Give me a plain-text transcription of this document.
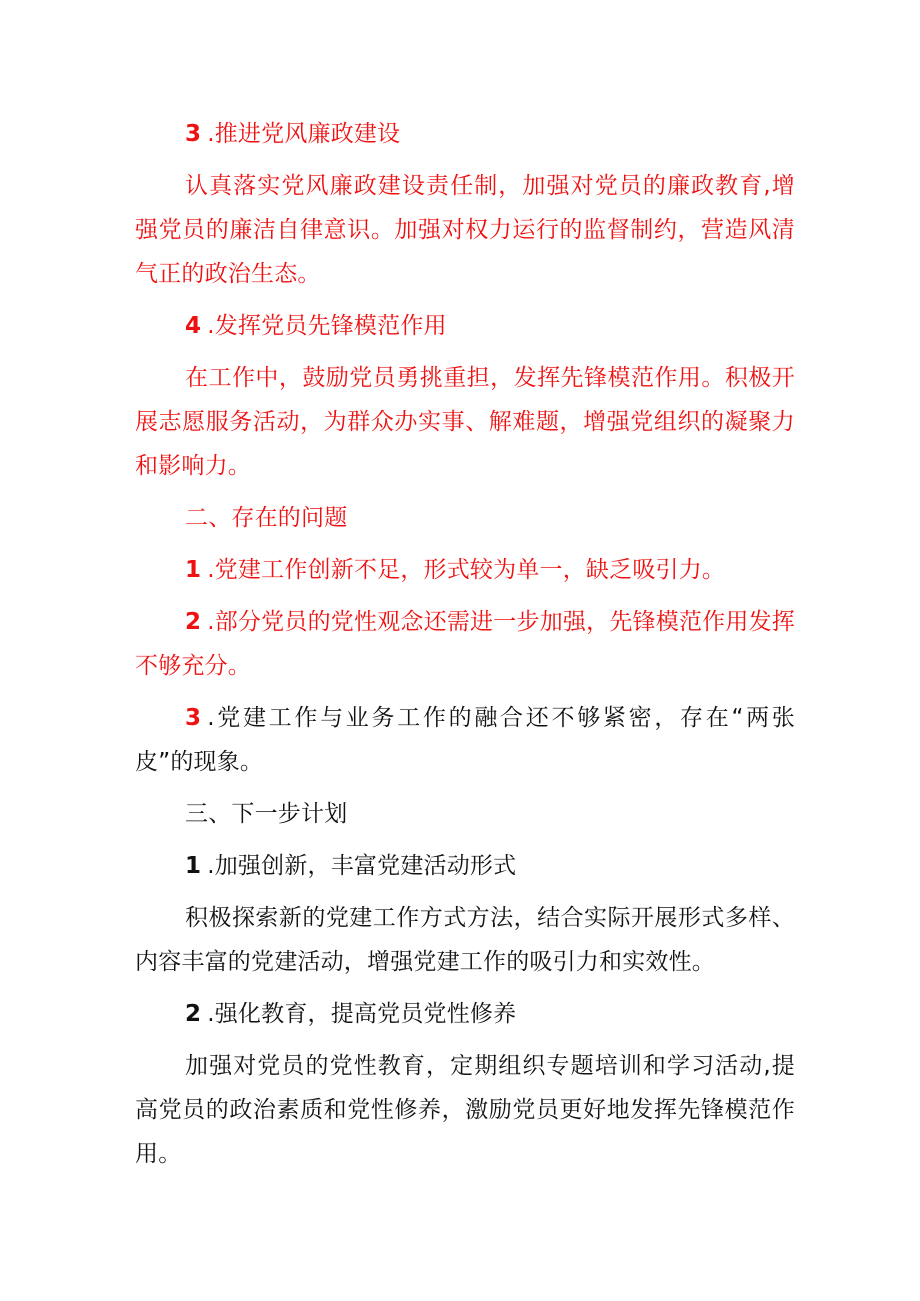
3 .推进党风廉政建设

认真落实党风廉政建设责任制，加强对党员的廉政教育,增强党员的廉洁自律意识。加强对权力运行的监督制约，营造风清气正的政治生态。

4 .发挥党员先锋模范作用

在工作中，鼓励党员勇挑重担，发挥先锋模范作用。积极开展志愿服务活动，为群众办实事、解难题，增强党组织的凝聚力和影响力。

二、存在的问题

1 .党建工作创新不足，形式较为单一，缺乏吸引力。

2 .部分党员的党性观念还需进一步加强，先锋模范作用发挥不够充分。

3 .党建工作与业务工作的融合还不够紧密，存在“两张皮”的现象。

三、下一步计划

1 .加强创新，丰富党建活动形式

积极探索新的党建工作方式方法，结合实际开展形式多样、内容丰富的党建活动，增强党建工作的吸引力和实效性。

2 .强化教育，提高党员党性修养

加强对党员的党性教育，定期组织专题培训和学习活动,提高党员的政治素质和党性修养，激励党员更好地发挥先锋模范作用。
